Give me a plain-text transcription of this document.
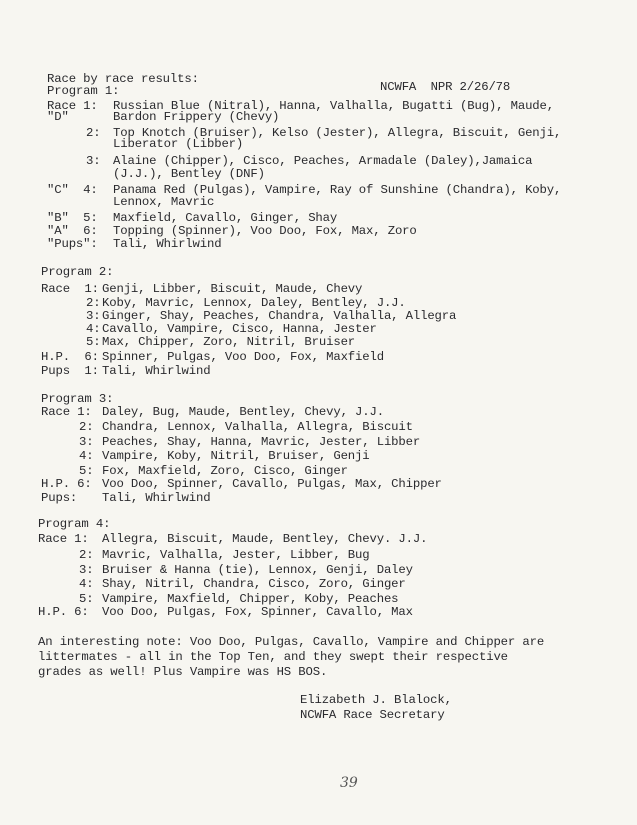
Race by race results:
NCWFA  NPR 2/26/78
Program 1:
Race 1: Russian Blue (Nitral), Hanna, Valhalla, Bugatti (Bug), Maude,
"D"	Bardon Frippery (Chevy)
2: Top Knotch (Bruiser), Kelso (Jester), Allegra, Biscuit, Genji,
Liberator (Libber)
3: Alaine (Chipper), Cisco, Peaches, Armadale (Daley),Jamaica
(J.J.), Bentley (DNF)
"C"  4: Panama Red (Pulgas), Vampire, Ray of Sunshine (Chandra), Koby,
Lennox, Mavric
"B"  5: Maxfield, Cavallo, Ginger, Shay
"A"  6: Topping (Spinner), Voo Doo, Fox, Max, Zoro
"Pups": Tali, Whirlwind
Program 2:
Race  1: Genji, Libber, Biscuit, Maude, Chevy
2: Koby, Mavric, Lennox, Daley, Bentley, J.J.
3: Ginger, Shay, Peaches, Chandra, Valhalla, Allegra
4: Cavallo, Vampire, Cisco, Hanna, Jester
5: Max, Chipper, Zoro, Nitril, Bruiser
H.P.  6: Spinner, Pulgas, Voo Doo, Fox, Maxfield
Pups  1: Tali, Whirlwind
Program 3:
Race 1: Daley, Bug, Maude, Bentley, Chevy, J.J.
2: Chandra, Lennox, Valhalla, Allegra, Biscuit
3: Peaches, Shay, Hanna, Mavric, Jester, Libber
4: Vampire, Koby, Nitril, Bruiser, Genji
5: Fox, Maxfield, Zoro, Cisco, Ginger
H.P. 6: Voo Doo, Spinner, Cavallo, Pulgas, Max, Chipper
Pups: Tali, Whirlwind
Program 4:
Race 1: Allegra, Biscuit, Maude, Bentley, Chevy. J.J.
2: Mavric, Valhalla, Jester, Libber, Bug
3: Bruiser & Hanna (tie), Lennox, Genji, Daley
4: Shay, Nitril, Chandra, Cisco, Zoro, Ginger
5: Vampire, Maxfield, Chipper, Koby, Peaches
H.P. 6: Voo Doo, Pulgas, Fox, Spinner, Cavallo, Max
An interesting note: Voo Doo, Pulgas, Cavallo, Vampire and Chipper are
littermates - all in the Top Ten, and they swept their respective
grades as well! Plus Vampire was HS BOS.
Elizabeth J. Blalock,
NCWFA Race Secretary
39
